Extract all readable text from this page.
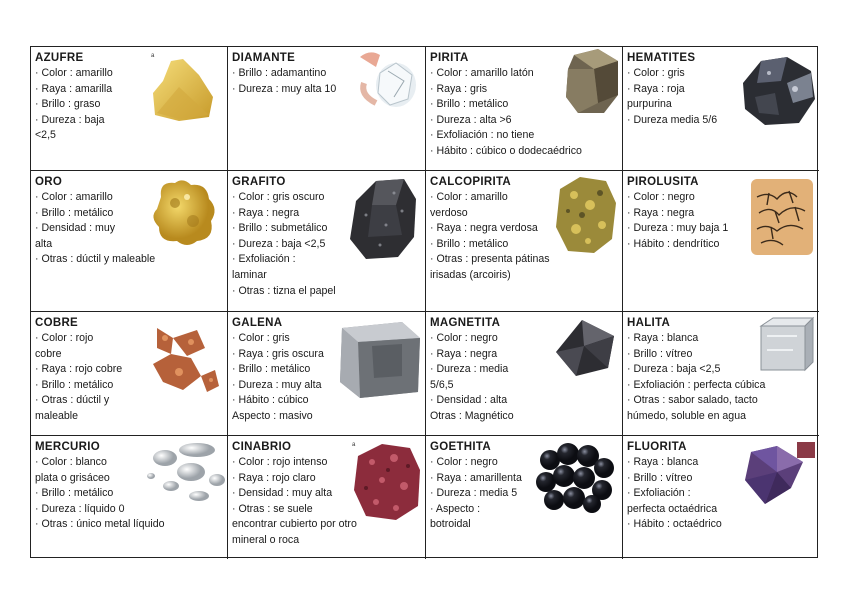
AZUFRE
· Color : amarillo
· Raya : amarilla
· Brillo : graso
· Dureza : baja
<2,5
a	DIAMANTE
· Brillo : adamantino
· Dureza : muy alta 10
PIRITA
· Color : amarillo latón
· Raya : gris
· Brillo : metálico
· Dureza : alta >6
· Exfoliación : no tiene
· Hábito : cúbico o dodecaédrico
HEMATITES
· Color : gris
· Raya : roja
purpurina
· Dureza media 5/6
ORO
· Color : amarillo
· Brillo : metálico
· Densidad : muy
alta
· Otras : dúctil y maleable
GRAFITO
· Color : gris oscuro
· Raya : negra
· Brillo : submetálico
· Dureza : baja <2,5
· Exfoliación :
laminar
· Otras : tizna el papel
CALCOPIRITA
· Color : amarillo
verdoso
· Raya : negra verdosa
· Brillo : metálico
· Otras : presenta pátinas
irisadas (arcoiris)
PIROLUSITA
· Color : negro
· Raya : negra
· Dureza : muy baja 1
· Hábito : dendrítico
COBRE
· Color : rojo
cobre
· Raya : rojo cobre
· Brillo : metálico
· Otras : dúctil y
maleable
GALENA
· Color : gris
· Raya : gris oscura
· Brillo : metálico
· Dureza : muy alta
· Hábito : cúbico
Aspecto : masivo
MAGNETITA
· Color : negro
· Raya : negra
· Dureza : media
5/6,5
· Densidad : alta
Otras : Magnético
HALITA
· Raya : blanca
· Brillo : vítreo
· Dureza : baja <2,5
· Exfoliación : perfecta cúbica
· Otras : sabor salado, tacto
húmedo, soluble en agua
MERCURIO
· Color : blanco
plata o grisáceo
· Brillo : metálico
· Dureza : líquido 0
· Otras : único metal líquido
CINABRIO
· Color : rojo intenso
· Raya : rojo claro
· Densidad : muy alta
· Otras : se suele
encontrar cubierto por otro
mineral o roca
a	GOETHITA
· Color : negro
· Raya : amarillenta
· Dureza : media 5
· Aspecto :
botroidal
FLUORITA
· Raya : blanca
· Brillo : vítreo
· Exfoliación :
perfecta octaédrica
· Hábito : octaédrico
